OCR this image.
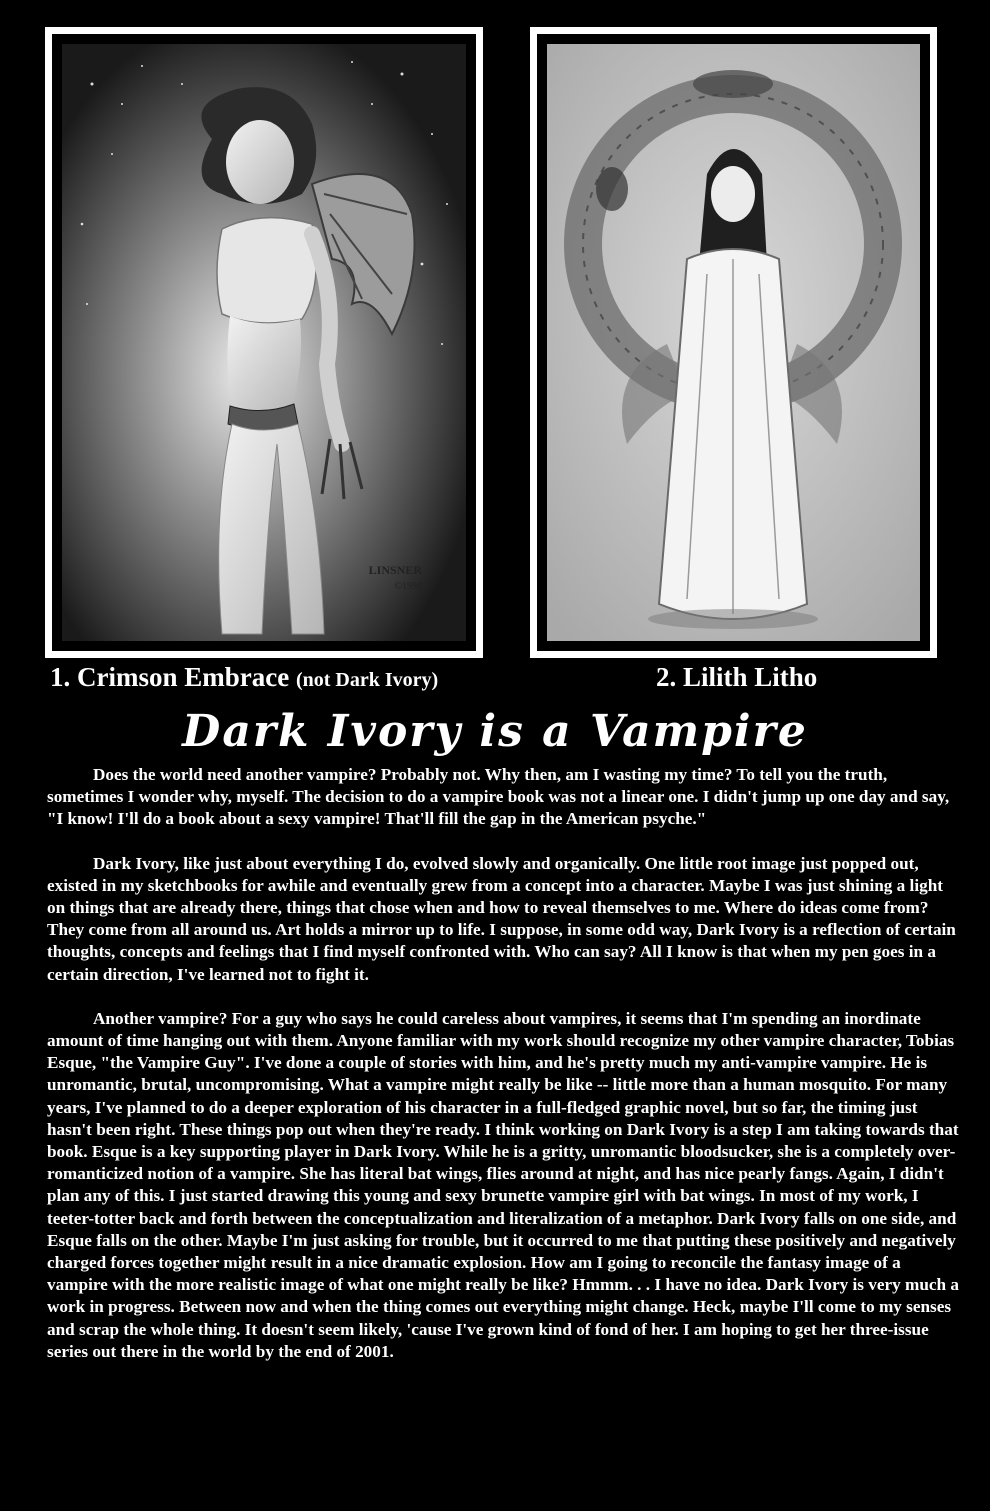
LINSNER
©1998
1. Crimson Embrace (not Dark Ivory)	2. Lilith Litho
Dark Ivory is a Vampire

Does the world need another vampire? Probably not. Why then, am I wasting my time? To tell you the truth, sometimes I wonder why, myself. The decision to do a vampire book was not a linear one. I didn't jump up one day and say, "I know! I'll do a book about a sexy vampire! That'll fill the gap in the American psyche."

Dark Ivory, like just about everything I do, evolved slowly and organically. One little root image just popped out, existed in my sketchbooks for awhile and eventually grew from a concept into a character. Maybe I was just shining a light on things that are already there, things that chose when and how to reveal themselves to me. Where do ideas come from? They come from all around us. Art holds a mirror up to life. I suppose, in some odd way, Dark Ivory is a reflection of certain thoughts, concepts and feelings that I find myself confronted with. Who can say? All I know is that when my pen goes in a certain direction, I've learned not to fight it.

Another vampire? For a guy who says he could careless about vampires, it seems that I'm spending an inordinate amount of time hanging out with them. Anyone familiar with my work should recognize my other vampire character, Tobias Esque, "the Vampire Guy". I've done a couple of stories with him, and he's pretty much my anti-vampire vampire. He is unromantic, brutal, uncompromising. What a vampire might really be like -- little more than a human mosquito. For many years, I've planned to do a deeper exploration of his character in a full-fledged graphic novel, but so far, the timing just hasn't been right. These things pop out when they're ready. I think working on Dark Ivory is a step I am taking towards that book. Esque is a key supporting player in Dark Ivory. While he is a gritty, unromantic bloodsucker, she is a completely over-romanticized notion of a vampire. She has literal bat wings, flies around at night, and has nice pearly fangs. Again, I didn't plan any of this. I just started drawing this young and sexy brunette vampire girl with bat wings. In most of my work, I teeter-totter back and forth between the conceptualization and literalization of a metaphor. Dark Ivory falls on one side, and Esque falls on the other. Maybe I'm just asking for trouble, but it occurred to me that putting these positively and negatively charged forces together might result in a nice dramatic explosion. How am I going to reconcile the fantasy image of a vampire with the more realistic image of what one might really be like? Hmmm. . . I have no idea. Dark Ivory is very much a work in progress. Between now and when the thing comes out everything might change. Heck, maybe I'll come to my senses and scrap the whole thing. It doesn't seem likely, 'cause I've grown kind of fond of her. I am hoping to get her three-issue series out there in the world by the end of 2001.
